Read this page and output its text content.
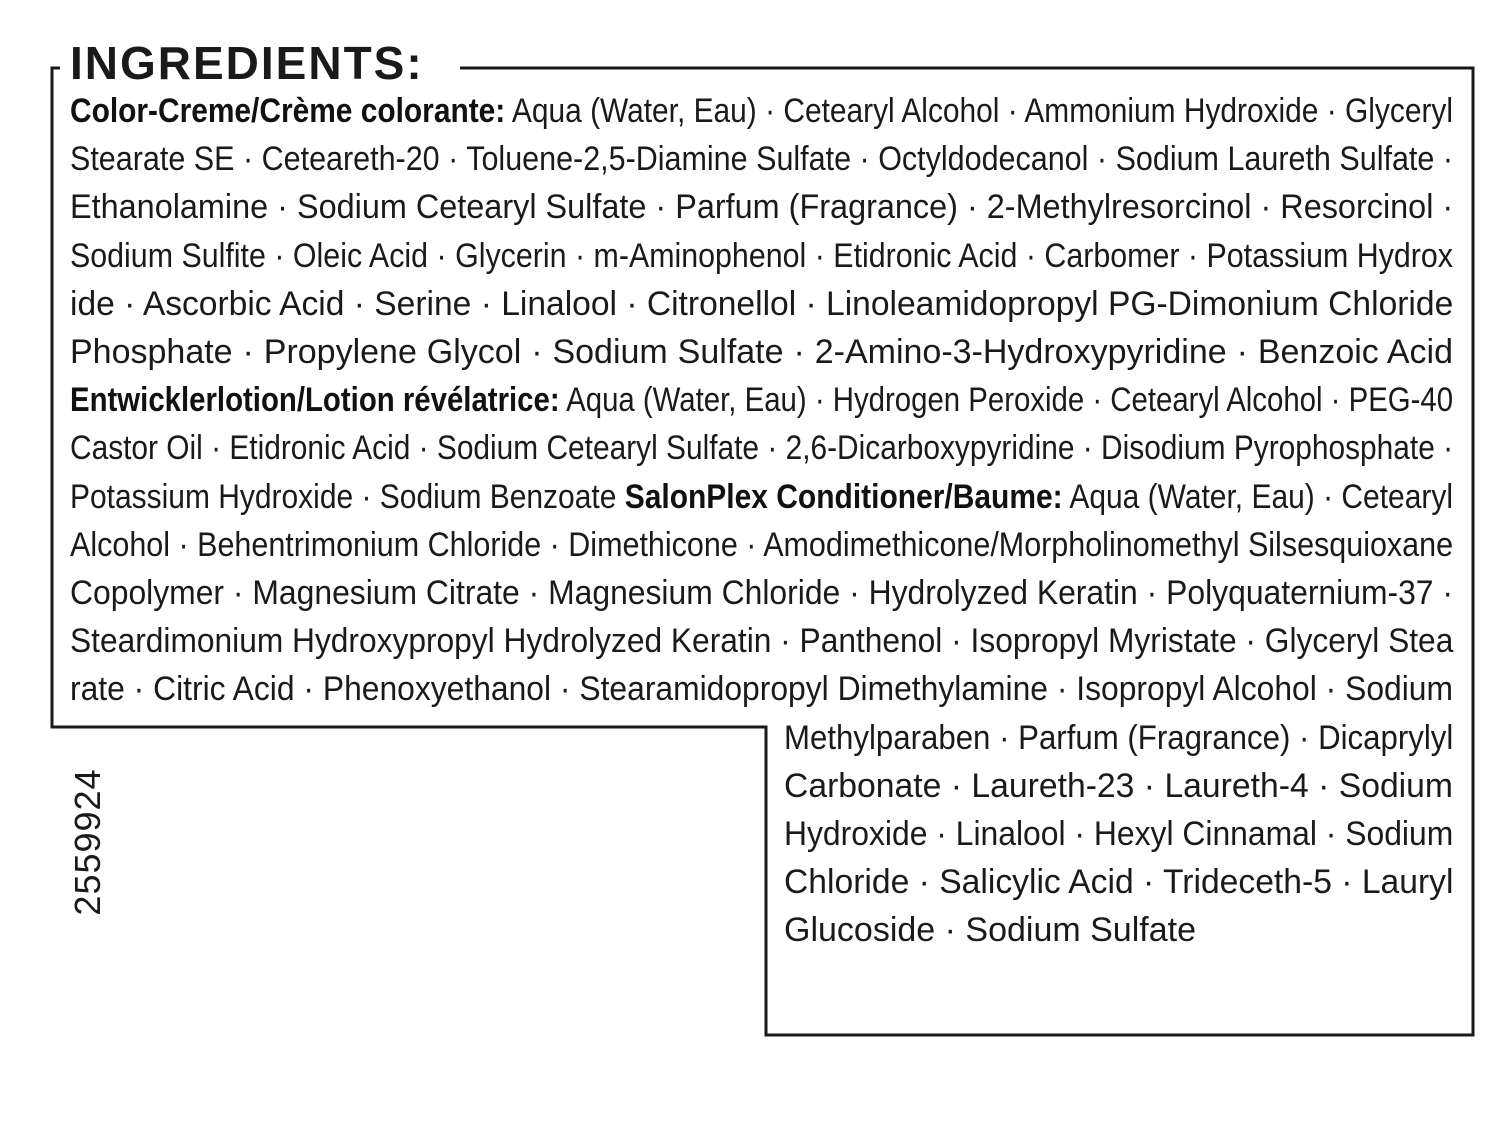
INGREDIENTS:
Color-Creme/Crème colorante: Aqua (Water, Eau) · Cetearyl Alcohol · Ammonium Hydroxide · Glyceryl
Stearate SE · Ceteareth-20 · Toluene-2,5-Diamine Sulfate · Octyldodecanol · Sodium Laureth Sulfate ·
Ethanolamine · Sodium Cetearyl Sulfate · Parfum (Fragrance) · 2-Methylresorcinol · Resorcinol ·
Sodium Sulfite · Oleic Acid · Glycerin · m-Aminophenol · Etidronic Acid · Carbomer · Potassium Hydrox
ide · Ascorbic Acid · Serine · Linalool · Citronellol · Linoleamidopropyl PG-Dimonium Chloride
Phosphate · Propylene Glycol · Sodium Sulfate · 2-Amino-3-Hydroxypyridine · Benzoic Acid
Entwicklerlotion/Lotion révélatrice: Aqua (Water, Eau) · Hydrogen Peroxide · Cetearyl Alcohol · PEG-40
Castor Oil · Etidronic Acid · Sodium Cetearyl Sulfate · 2,6-Dicarboxypyridine · Disodium Pyrophosphate ·
Potassium Hydroxide · Sodium Benzoate SalonPlex Conditioner/Baume: Aqua (Water, Eau) · Cetearyl
Alcohol · Behentrimonium Chloride · Dimethicone · Amodimethicone/Morpholinomethyl Silsesquioxane
Copolymer · Magnesium Citrate · Magnesium Chloride · Hydrolyzed Keratin · Polyquaternium-37 ·
Steardimonium Hydroxypropyl Hydrolyzed Keratin · Panthenol · Isopropyl Myristate · Glyceryl Stea
rate · Citric Acid · Phenoxyethanol · Stearamidopropyl Dimethylamine · Isopropyl Alcohol · Sodium
Methylparaben · Parfum (Fragrance) · Dicaprylyl
Carbonate · Laureth-23 · Laureth-4 · Sodium
Hydroxide · Linalool · Hexyl Cinnamal · Sodium
Chloride · Salicylic Acid · Trideceth-5 · Lauryl
Glucoside · Sodium Sulfate
2559924
